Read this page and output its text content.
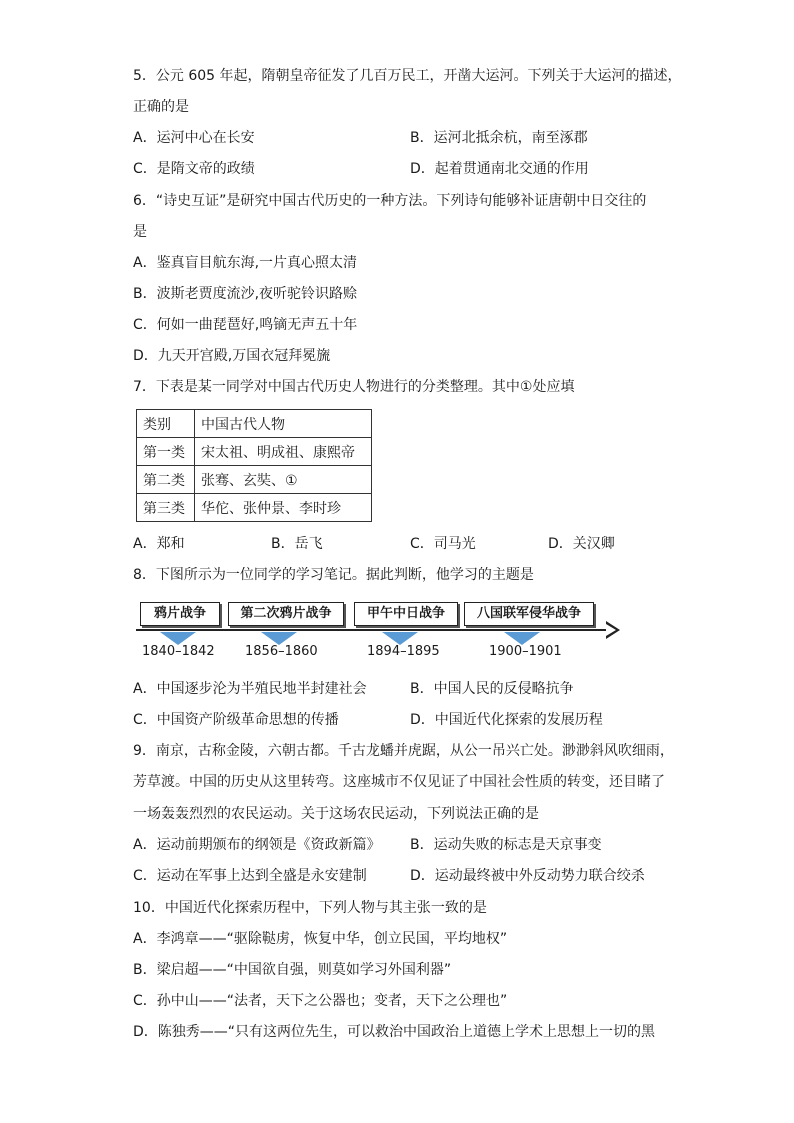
5．公元 605 年起，隋朝皇帝征发了几百万民工，开凿大运河。下列关于大运河的描述，
正确的是
A．运河中心在长安	B．运河北抵余杭，南至涿郡
C．是隋文帝的政绩	D．起着贯通南北交通的作用
6．“诗史互证”是研究中国古代历史的一种方法。下列诗句能够补证唐朝中日交往的
是
A．鉴真盲目航东海,一片真心照太清
B．波斯老贾度流沙,夜听驼铃识路赊
C．何如一曲琵琶好,鸣镝无声五十年
D．九天开宫殿,万国衣冠拜冕旒
7．下表是某一同学对中国古代历史人物进行的分类整理。其中①处应填
类别	中国古代人物
第一类	宋太祖、明成祖、康熙帝
第二类	张骞、玄奘、①
第三类	华佗、张仲景、李时珍
A．郑和	B．岳飞	C．司马光	D．关汉卿
8．下图所示为一位同学的学习笔记。据此判断，他学习的主题是
鸦片战争	第二次鸦片战争	甲午中日战争	八国联军侵华战争
1840–1842 1856–1860	1894–1895	1900–1901
A．中国逐步沦为半殖民地半封建社会	B．中国人民的反侵略抗争
C．中国资产阶级革命思想的传播	D．中国近代化探索的发展历程
9．南京，古称金陵，六朝古都。千古龙蟠并虎踞，从公一吊兴亡处。渺渺斜风吹细雨，
芳草渡。中国的历史从这里转弯。这座城市不仅见证了中国社会性质的转变，还目睹了
一场轰轰烈烈的农民运动。关于这场农民运动，下列说法正确的是
A．运动前期颁布的纲领是《资政新篇》 B．运动失败的标志是天京事变
C．运动在军事上达到全盛是永安建制	D．运动最终被中外反动势力联合绞杀
10．中国近代化探索历程中，下列人物与其主张一致的是
A．李鸿章——“驱除鞑虏，恢复中华，创立民国，平均地权”
B．梁启超——“中国欲自强，则莫如学习外国利器”
C．孙中山——“法者，天下之公器也；变者，天下之公理也”
D．陈独秀——“只有这两位先生，可以救治中国政治上道德上学术上思想上一切的黑
